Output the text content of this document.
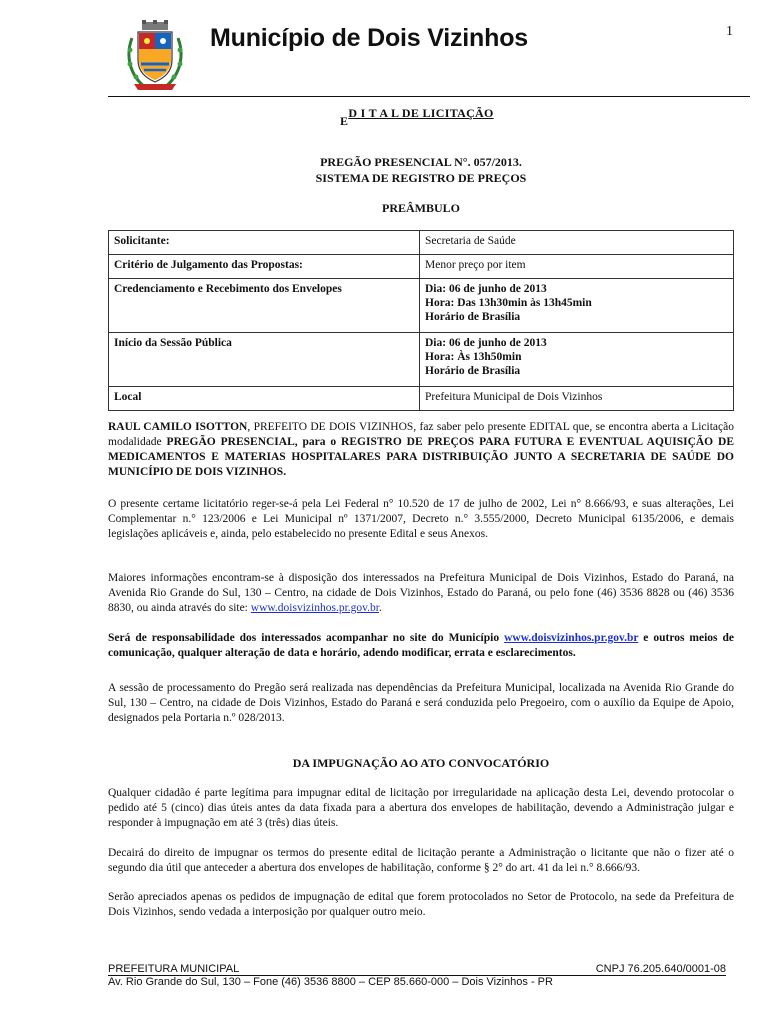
Município de Dois Vizinhos	1
E
D I T A L DE LICITAÇÃO
PREGÃO PRESENCIAL N°. 057/2013.
SISTEMA DE REGISTRO DE PREÇOS
PREÂMBULO
Solicitante:	Secretaria de Saúde

Critério de Julgamento das Propostas:	Menor preço por item

Credenciamento e Recebimento dos Envelopes	Dia: 06 de junho de 2013
Hora: Das 13h30min às 13h45min
Horário de Brasília

Início da Sessão Pública	Dia: 06 de junho de 2013
Hora: Às 13h50min
Horário de Brasília

Local	Prefeitura Municipal de Dois Vizinhos
RAUL CAMILO ISOTTON, PREFEITO DE DOIS VIZINHOS, faz saber pelo presente EDITAL que, se encontra aberta a Licitação modalidade PREGÃO PRESENCIAL, para o REGISTRO DE PREÇOS PARA FUTURA E EVENTUAL AQUISIÇÃO DE MEDICAMENTOS E MATERIAS HOSPITALARES PARA DISTRIBUIÇÃO JUNTO A SECRETARIA DE SAÚDE DO MUNICÍPIO DE DOIS VIZINHOS.
O presente certame licitatório reger-se-á pela Lei Federal n° 10.520 de 17 de julho de 2002, Lei n° 8.666/93, e suas alterações, Lei Complementar n.° 123/2006 e Lei Municipal nº 1371/2007, Decreto n.° 3.555/2000, Decreto Municipal 6135/2006, e demais legislações aplicáveis e, ainda, pelo estabelecido no presente Edital e seus Anexos.
Maiores informações encontram-se à disposição dos interessados na Prefeitura Municipal de Dois Vizinhos, Estado do Paraná, na Avenida Rio Grande do Sul, 130 – Centro, na cidade de Dois Vizinhos, Estado do Paraná, ou pelo fone (46) 3536 8828 ou (46) 3536 8830, ou ainda através do site: www.doisvizinhos.pr.gov.br.
Será de responsabilidade dos interessados acompanhar no site do Município www.doisvizinhos.pr.gov.br e outros meios de comunicação, qualquer alteração de data e horário, adendo modificar, errata e esclarecimentos.
A sessão de processamento do Pregão será realizada nas dependências da Prefeitura Municipal, localizada na Avenida Rio Grande do Sul, 130 – Centro, na cidade de Dois Vizinhos, Estado do Paraná e será conduzida pelo Pregoeiro, com o auxílio da Equipe de Apoio, designados pela Portaria n.º 028/2013.
DA IMPUGNAÇÃO AO ATO CONVOCATÓRIO
Qualquer cidadão é parte legítima para impugnar edital de licitação por irregularidade na aplicação desta Lei, devendo protocolar o pedido até 5 (cinco) dias úteis antes da data fixada para a abertura dos envelopes de habilitação, devendo a Administração julgar e responder à impugnação em até 3 (três) dias úteis.
Decairá do direito de impugnar os termos do presente edital de licitação perante a Administração o licitante que não o fizer até o segundo dia útil que anteceder a abertura dos envelopes de habilitação, conforme § 2° do art. 41 da lei n.° 8.666/93.
Serão apreciados apenas os pedidos de impugnação de edital que forem protocolados no Setor de Protocolo, na sede da Prefeitura de Dois Vizinhos, sendo vedada a interposição por qualquer outro meio.
PREFEITURA MUNICIPAL	CNPJ 76.205.640/0001-08
Av. Rio Grande do Sul, 130 – Fone (46) 3536 8800 – CEP 85.660-000 – Dois Vizinhos - PR
